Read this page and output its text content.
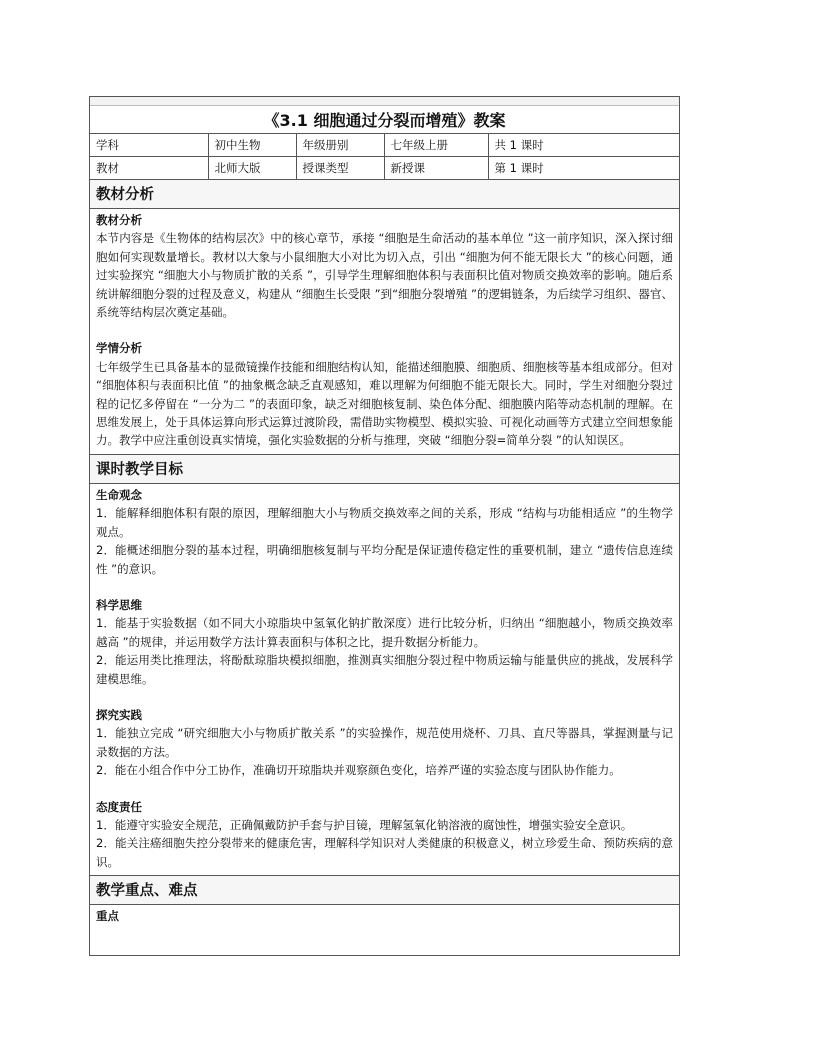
《3.1 细胞通过分裂而增殖》教案
学科	初中生物	年级册别	七年级上册	共 1 课时
教材	北师大版	授课类型	新授课	第 1 课时
教材分析
教材分析
本节内容是《生物体的结构层次》中的核心章节，承接 “细胞是生命活动的基本单位 ”这一前序知识，深入探讨细胞如何实现数量增长。教材以大象与小鼠细胞大小对比为切入点，引出 “细胞为何不能无限长大 ”的核心问题，通过实验探究 “细胞大小与物质扩散的关系 ”，引导学生理解细胞体积与表面积比值对物质交换效率的影响。随后系统讲解细胞分裂的过程及意义，构建从 “细胞生长受限 ”到“细胞分裂增殖 ”的逻辑链条，为后续学习组织、器官、系统等结构层次奠定基础。
学情分析
七年级学生已具备基本的显微镜操作技能和细胞结构认知，能描述细胞膜、细胞质、细胞核等基本组成部分。但对 “细胞体积与表面积比值 ”的抽象概念缺乏直观感知，难以理解为何细胞不能无限长大。同时，学生对细胞分裂过程的记忆多停留在 “一分为二 ”的表面印象，缺乏对细胞核复制、染色体分配、细胞膜内陷等动态机制的理解。在思维发展上，处于具体运算向形式运算过渡阶段，需借助实物模型、模拟实验、可视化动画等方式建立空间想象能力。教学中应注重创设真实情境，强化实验数据的分析与推理，突破 “细胞分裂=简单分裂 ”的认知误区。
课时教学目标
生命观念
1．能解释细胞体积有限的原因，理解细胞大小与物质交换效率之间的关系，形成 “结构与功能相适应 ”的生物学观点。
2．能概述细胞分裂的基本过程，明确细胞核复制与平均分配是保证遗传稳定性的重要机制，建立 “遗传信息连续性 ”的意识。
科学思维
1．能基于实验数据（如不同大小琼脂块中氢氧化钠扩散深度）进行比较分析，归纳出 “细胞越小，物质交换效率越高 ”的规律，并运用数学方法计算表面积与体积之比，提升数据分析能力。
2．能运用类比推理法，将酚酞琼脂块模拟细胞，推测真实细胞分裂过程中物质运输与能量供应的挑战，发展科学建模思维。
探究实践
1．能独立完成 “研究细胞大小与物质扩散关系 ”的实验操作，规范使用烧杯、刀具、直尺等器具，掌握测量与记录数据的方法。
2．能在小组合作中分工协作，准确切开琼脂块并观察颜色变化，培养严谨的实验态度与团队协作能力。
态度责任
1．能遵守实验安全规范，正确佩戴防护手套与护目镜，理解氢氧化钠溶液的腐蚀性，增强实验安全意识。
2．能关注癌细胞失控分裂带来的健康危害，理解科学知识对人类健康的积极意义，树立珍爱生命、预防疾病的意识。
教学重点、难点
重点
